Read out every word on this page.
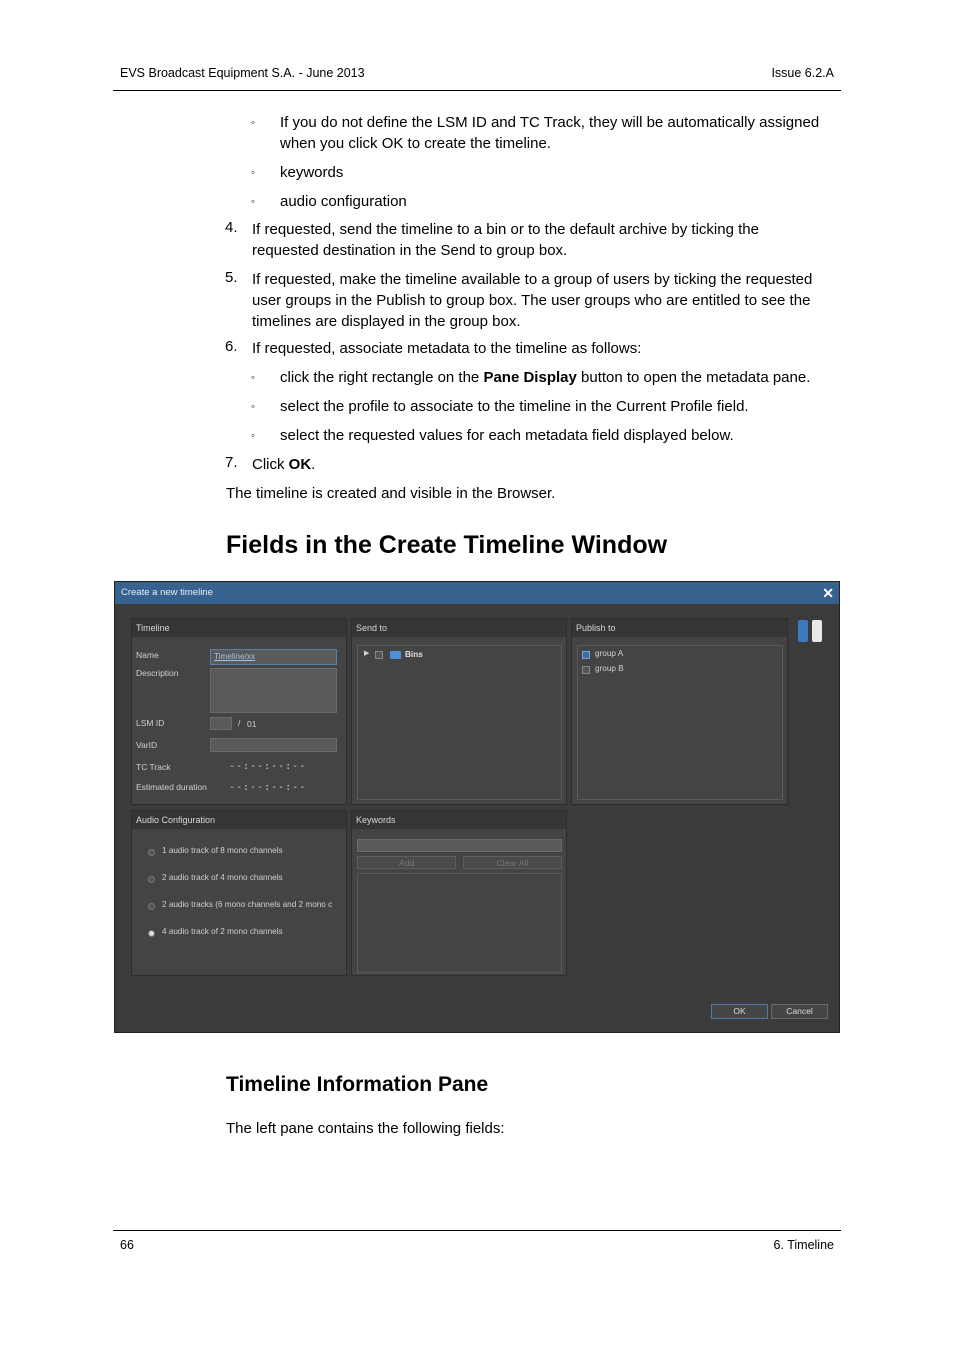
EVS Broadcast Equipment S.A. - June 2013	Issue 6.2.A
◦ If you do not define the LSM ID and TC Track, they will be automatically assigned
when you click OK to create the timeline.
◦ keywords
◦ audio configuration
4. If requested, send the timeline to a bin or to the default archive by ticking the
requested destination in the Send to group box.
5. If requested, make the timeline available to a group of users by ticking the requested
user groups in the Publish to group box. The user groups who are entitled to see the
timelines are displayed in the group box.
6. If requested, associate metadata to the timeline as follows:
◦ click the right rectangle on the Pane Display button to open the metadata pane.
◦ select the profile to associate to the timeline in the Current Profile field.
◦ select the requested values for each metadata field displayed below.
7. Click OK.
The timeline is created and visible in the Browser.
Fields in the Create Timeline Window
Create a new timeline	✕
Timeline
Name	Timeline/xx
Description
LSM ID	/ 01
VarID
TC Track	--:--:--:--
Estimated duration --:--:--:--
Send to
▶	Bins
Publish to
group A
group B
Audio Configuration
1 audio track of 8 mono channels
2 audio track of 4 mono channels
2 audio tracks (6 mono channels and 2 mono c
4 audio track of 2 mono channels
Keywords
Add	Clear All
OK	Cancel
Timeline Information Pane
The left pane contains the following fields:
66	6. Timeline
